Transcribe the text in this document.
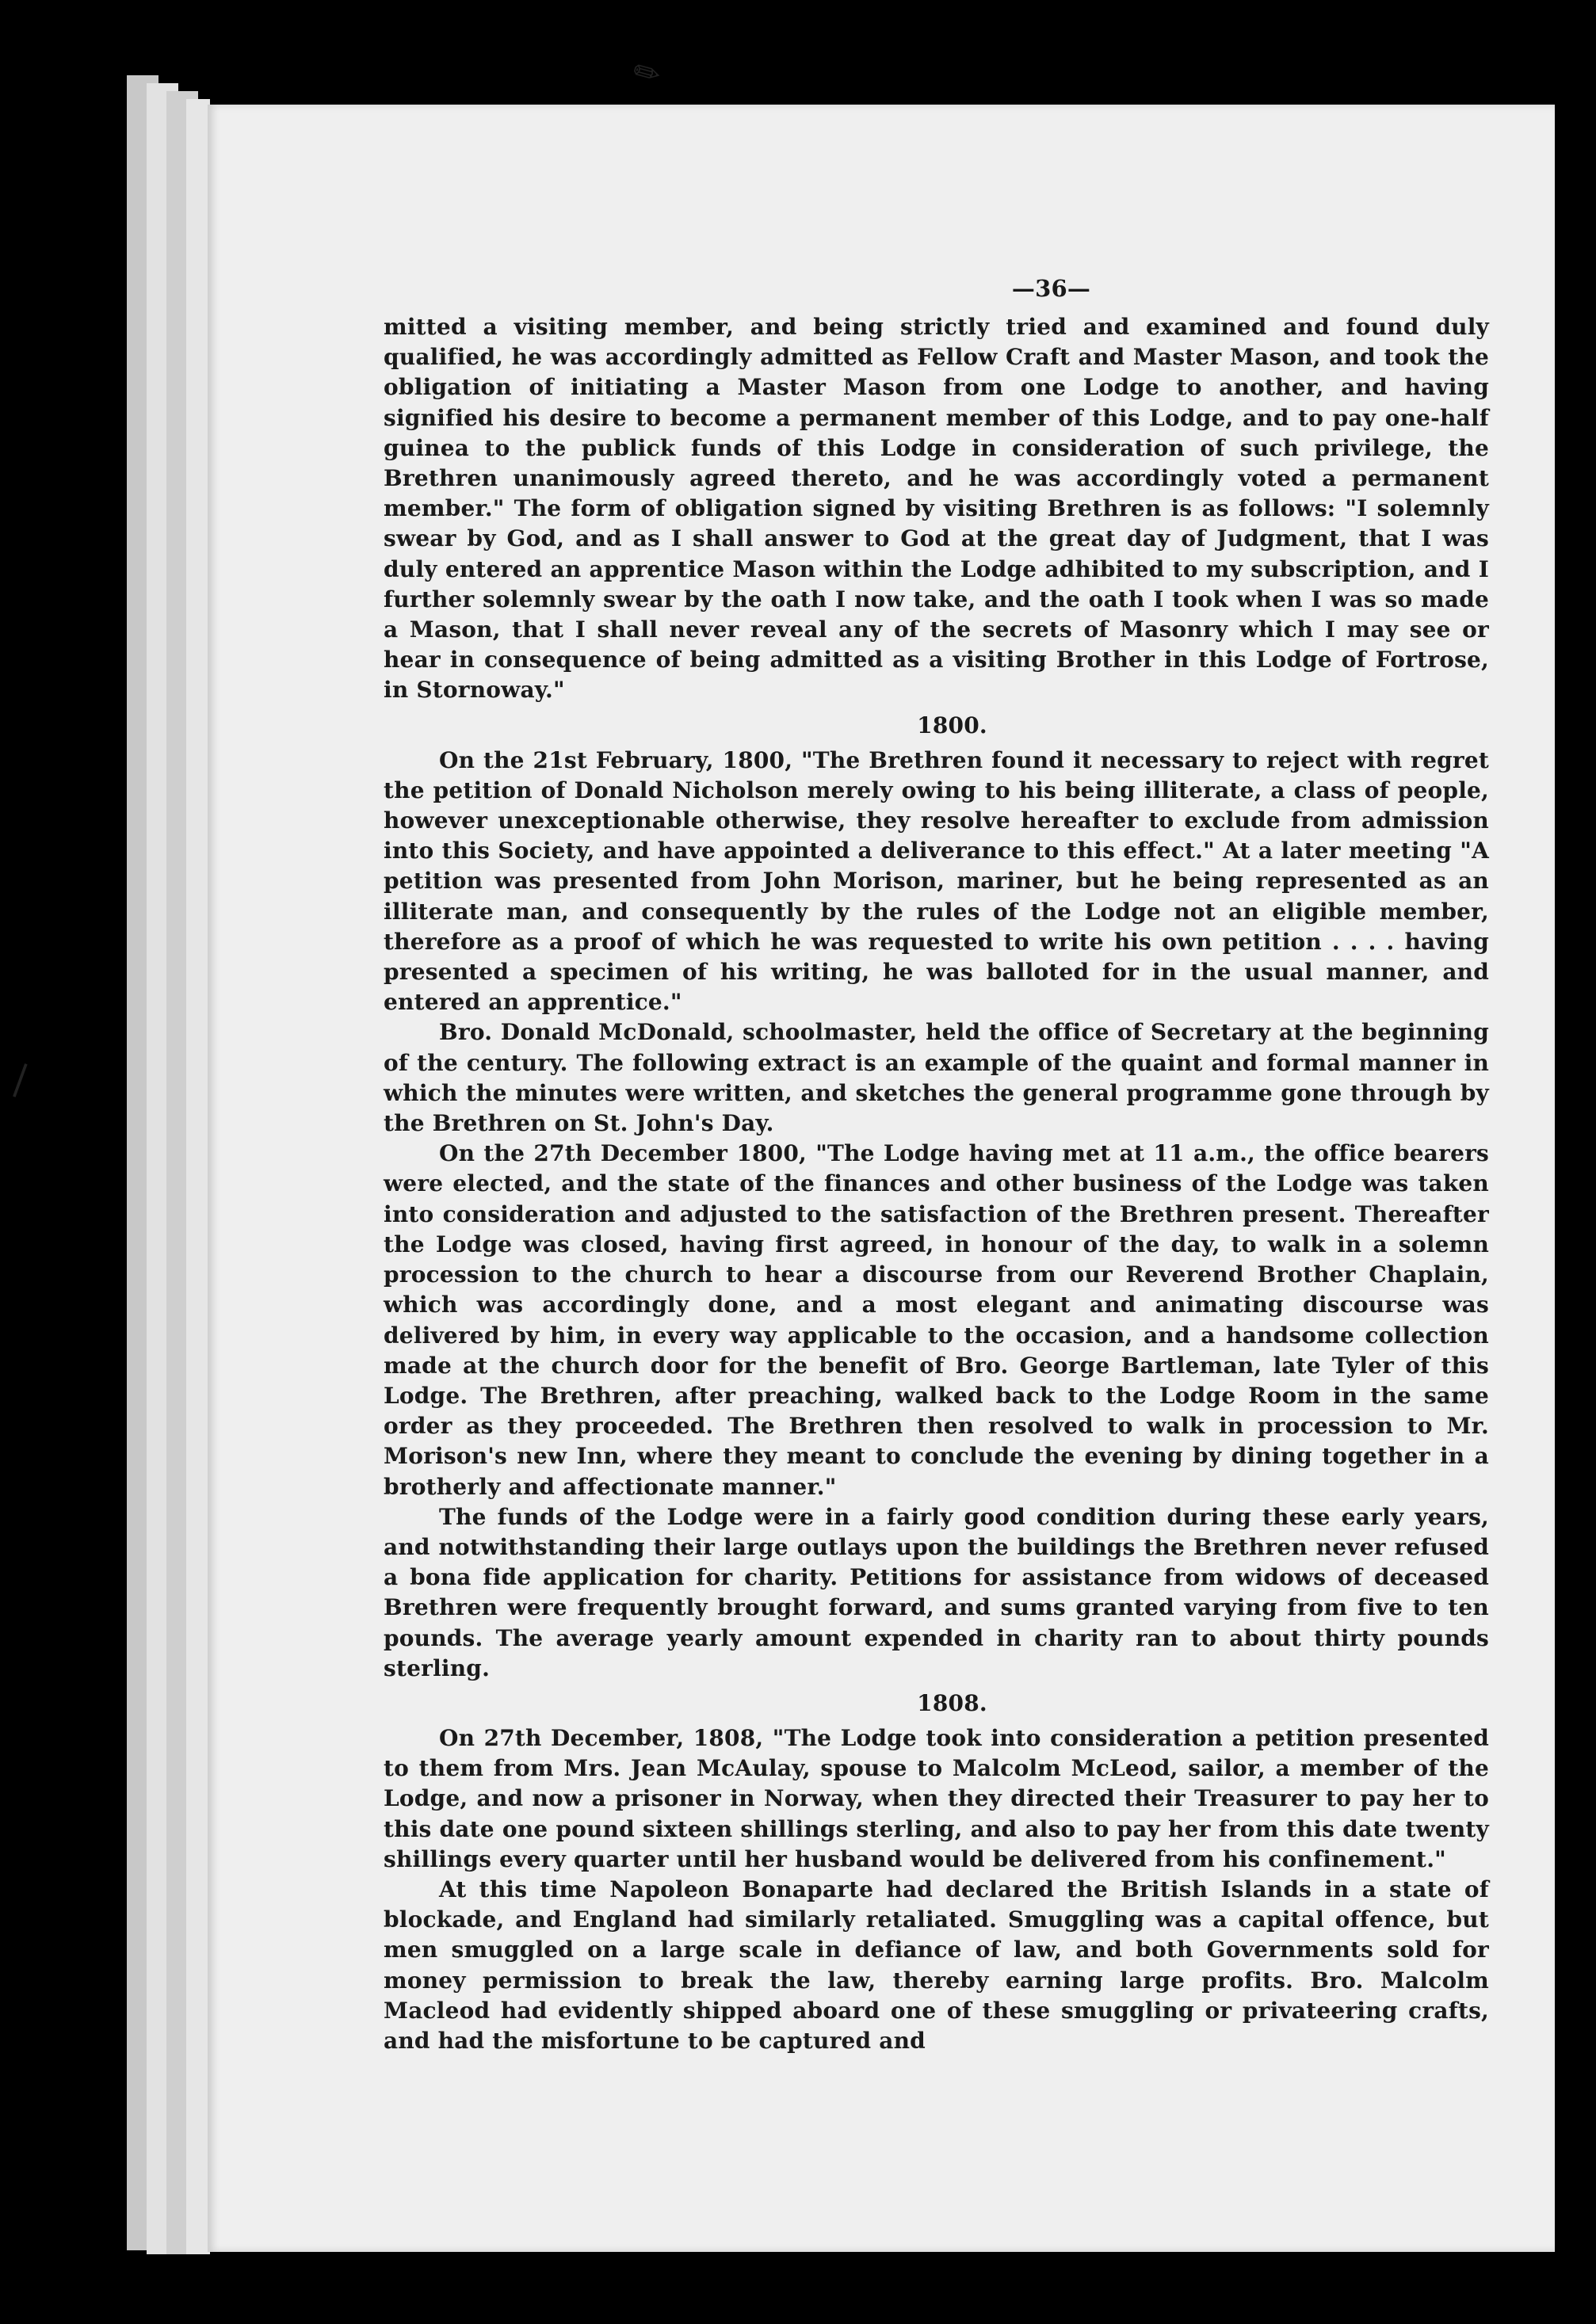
✎
❘
—36—

mitted a visiting member, and being strictly tried and examined and found duly qualified, he was accordingly admitted as Fellow Craft and Master Mason, and took the obligation of initiating a Master Mason from one Lodge to another, and having signified his desire to become a permanent member of this Lodge, and to pay one-half guinea to the publick funds of this Lodge in consideration of such privilege, the Brethren unanimously agreed thereto, and he was accordingly voted a permanent member." The form of obligation signed by visiting Brethren is as follows: "I solemnly swear by God, and as I shall answer to God at the great day of Judgment, that I was duly entered an apprentice Mason within the Lodge adhibited to my subscription, and I further solemnly swear by the oath I now take, and the oath I took when I was so made a Mason, that I shall never reveal any of the secrets of Masonry which I may see or hear in consequence of being admitted as a visiting Brother in this Lodge of Fortrose, in Stornoway."

1800.

On the 21st February, 1800, "The Brethren found it necessary to reject with regret the petition of Donald Nicholson merely owing to his being illiterate, a class of people, however unexceptionable otherwise, they resolve hereafter to exclude from admission into this Society, and have appointed a deliverance to this effect." At a later meeting "A petition was presented from John Morison, mariner, but he being represented as an illiterate man, and consequently by the rules of the Lodge not an eligible member, therefore as a proof of which he was requested to write his own petition . . . . having presented a specimen of his writing, he was balloted for in the usual manner, and entered an apprentice."

Bro. Donald McDonald, schoolmaster, held the office of Secretary at the beginning of the century. The following extract is an example of the quaint and formal manner in which the minutes were written, and sketches the general programme gone through by the Brethren on St. John's Day.

On the 27th December 1800, "The Lodge having met at 11 a.m., the office bearers were elected, and the state of the finances and other business of the Lodge was taken into consideration and adjusted to the satisfaction of the Brethren present. Thereafter the Lodge was closed, having first agreed, in honour of the day, to walk in a solemn procession to the church to hear a discourse from our Reverend Brother Chaplain, which was accordingly done, and a most elegant and animating discourse was delivered by him, in every way applicable to the occasion, and a handsome collection made at the church door for the benefit of Bro. George Bartleman, late Tyler of this Lodge. The Brethren, after preaching, walked back to the Lodge Room in the same order as they proceeded. The Brethren then resolved to walk in procession to Mr. Morison's new Inn, where they meant to conclude the evening by dining together in a brotherly and affectionate manner."

The funds of the Lodge were in a fairly good condition during these early years, and notwithstanding their large outlays upon the buildings the Brethren never refused a bona fide application for charity. Petitions for assistance from widows of deceased Brethren were frequently brought forward, and sums granted varying from five to ten pounds. The average yearly amount expended in charity ran to about thirty pounds sterling.

1808.

On 27th December, 1808, "The Lodge took into consideration a petition presented to them from Mrs. Jean McAulay, spouse to Malcolm McLeod, sailor, a member of the Lodge, and now a prisoner in Norway, when they directed their Treasurer to pay her to this date one pound sixteen shillings sterling, and also to pay her from this date twenty shillings every quarter until her husband would be delivered from his confinement."

At this time Napoleon Bonaparte had declared the British Islands in a state of blockade, and England had similarly retaliated. Smuggling was a capital offence, but men smuggled on a large scale in defiance of law, and both Governments sold for money permission to break the law, thereby earning large profits. Bro. Malcolm Macleod had evidently shipped aboard one of these smuggling or privateering crafts, and had the misfortune to be captured and
